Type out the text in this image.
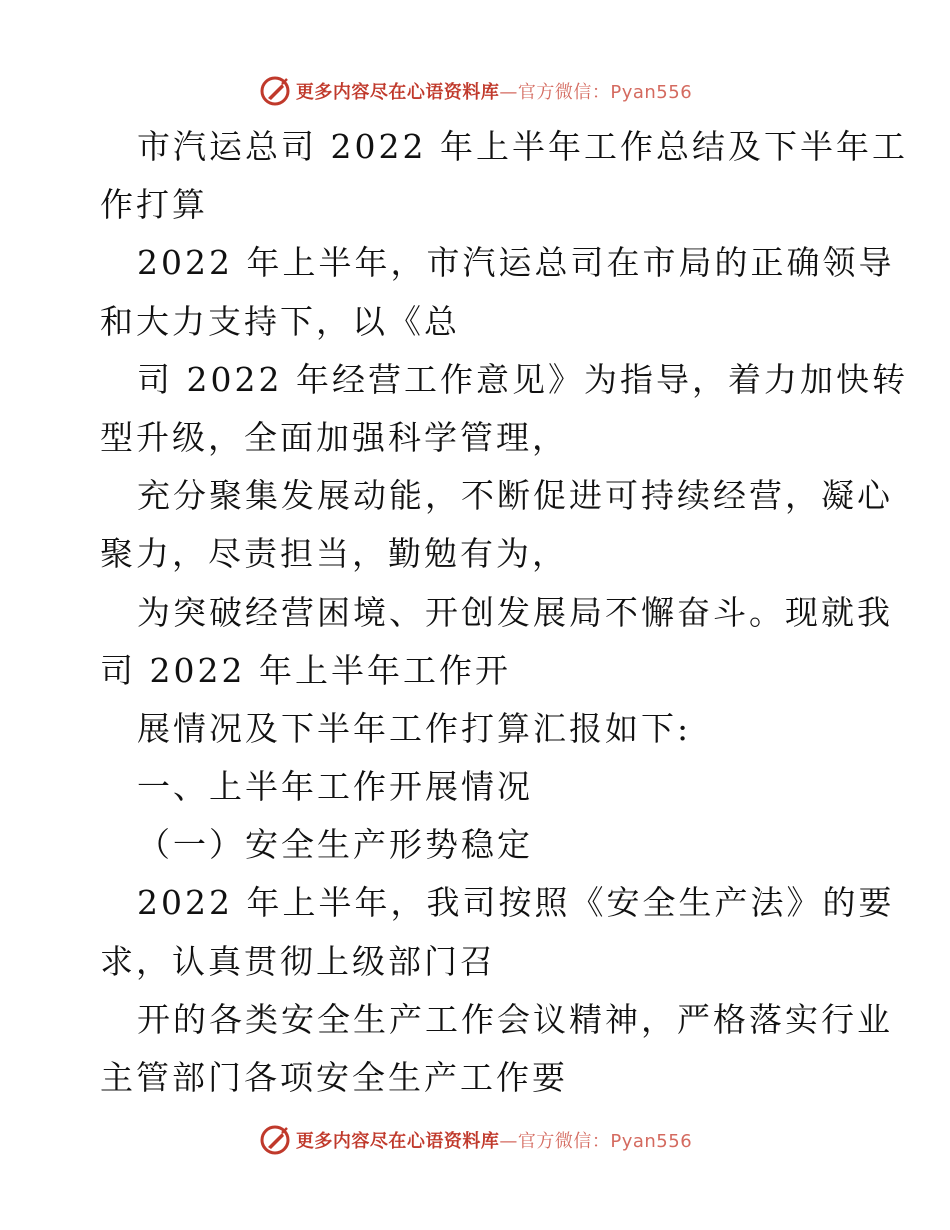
更多内容尽在心语资料库—官方微信：Pyan556
市汽运总司 2022 年上半年工作总结及下半年工
作打算
2022 年上半年，市汽运总司在市局的正确领导
和大力支持下，以《总
司 2022 年经营工作意见》为指导，着力加快转
型升级，全面加强科学管理，
充分聚集发展动能，不断促进可持续经营，凝心
聚力，尽责担当，勤勉有为，
为突破经营困境、开创发展局不懈奋斗。现就我
司 2022 年上半年工作开
展情况及下半年工作打算汇报如下:
一、上半年工作开展情况
（一）安全生产形势稳定
2022 年上半年，我司按照《安全生产法》的要
求，认真贯彻上级部门召
开的各类安全生产工作会议精神，严格落实行业
主管部门各项安全生产工作要
更多内容尽在心语资料库—官方微信：Pyan556
